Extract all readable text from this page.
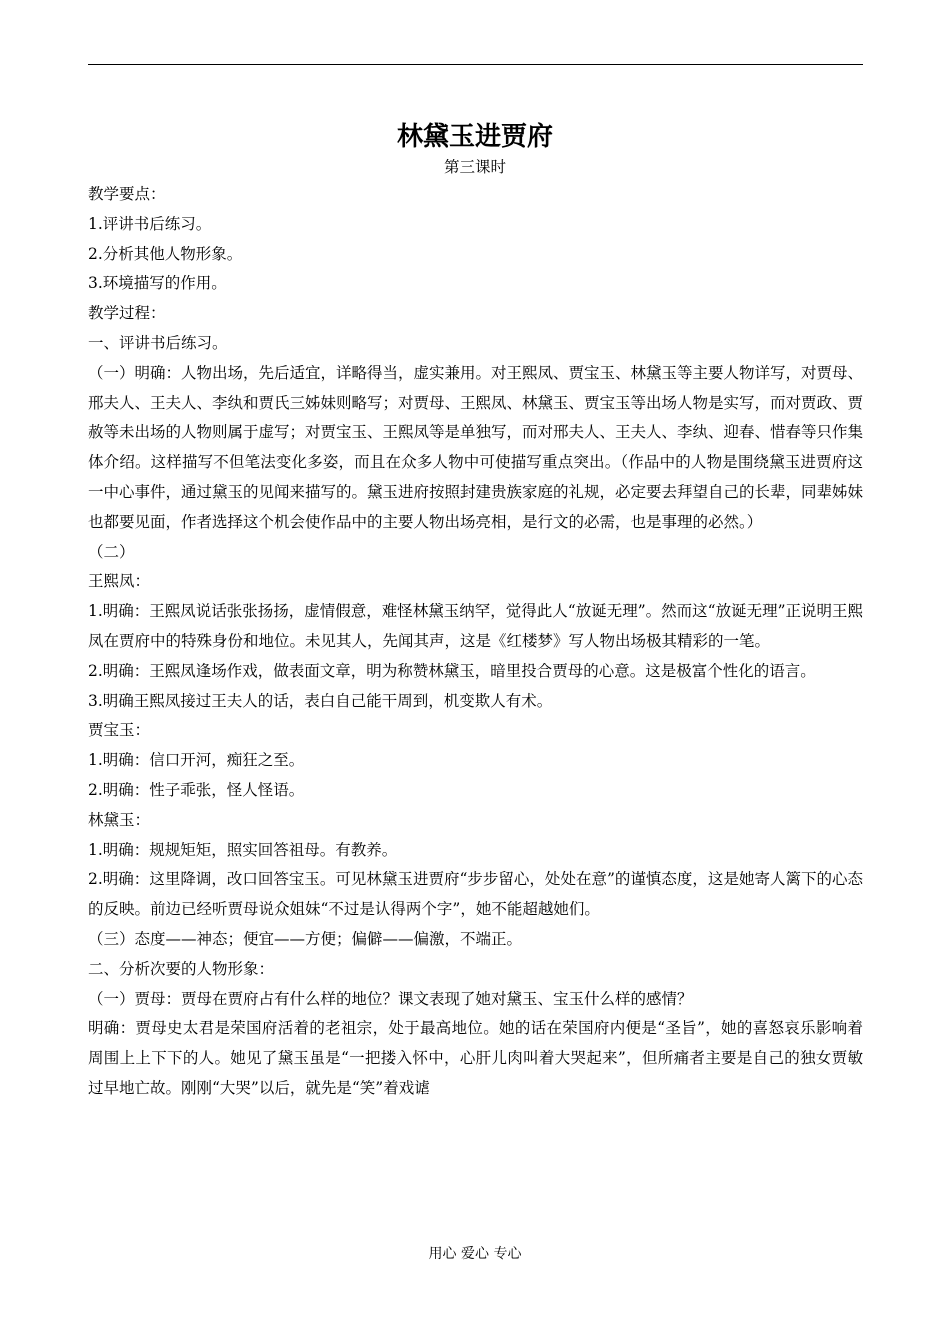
林黛玉进贾府
第三课时

教学要点：

1.评讲书后练习。

2.分析其他人物形象。

3.环境描写的作用。

教学过程：

一、评讲书后练习。

（一）明确：人物出场，先后适宜，详略得当，虚实兼用。对王熙凤、贾宝玉、林黛玉等主要人物详写，对贾母、邢夫人、王夫人、李纨和贾氏三姊妹则略写；对贾母、王熙凤、林黛玉、贾宝玉等出场人物是实写，而对贾政、贾赦等未出场的人物则属于虚写；对贾宝玉、王熙凤等是单独写，而对邢夫人、王夫人、李纨、迎春、惜春等只作集体介绍。这样描写不但笔法变化多姿，而且在众多人物中可使描写重点突出。（作品中的人物是围绕黛玉进贾府这一中心事件，通过黛玉的见闻来描写的。黛玉进府按照封建贵族家庭的礼规，必定要去拜望自己的长辈，同辈姊妹也都要见面，作者选择这个机会使作品中的主要人物出场亮相，是行文的必需，也是事理的必然。）

（二）

王熙凤：

1.明确：王熙凤说话张张扬扬，虚情假意，难怪林黛玉纳罕，觉得此人“放诞无理”。然而这“放诞无理”正说明王熙凤在贾府中的特殊身份和地位。未见其人，先闻其声，这是《红楼梦》写人物出场极其精彩的一笔。

2.明确：王熙凤逢场作戏，做表面文章，明为称赞林黛玉，暗里投合贾母的心意。这是极富个性化的语言。

3.明确王熙凤接过王夫人的话，表白自己能干周到，机变欺人有术。

贾宝玉：

1.明确：信口开河，痴狂之至。

2.明确：性子乖张，怪人怪语。

林黛玉：

1.明确：规规矩矩，照实回答祖母。有教养。

2.明确：这里降调，改口回答宝玉。可见林黛玉进贾府“步步留心，处处在意”的谨慎态度，这是她寄人篱下的心态的反映。前边已经听贾母说众姐妹“不过是认得两个字”，她不能超越她们。

（三）态度——神态；便宜——方便；偏僻——偏激，不端正。

二、分析次要的人物形象：

（一）贾母：贾母在贾府占有什么样的地位？课文表现了她对黛玉、宝玉什么样的感情？

明确：贾母史太君是荣国府活着的老祖宗，处于最高地位。她的话在荣国府内便是“圣旨”，她的喜怒哀乐影响着周围上上下下的人。她见了黛玉虽是“一把搂入怀中，心肝儿肉叫着大哭起来”，但所痛者主要是自己的独女贾敏过早地亡故。刚刚“大哭”以后，就先是“笑”着戏谑

用心 爱心 专心
